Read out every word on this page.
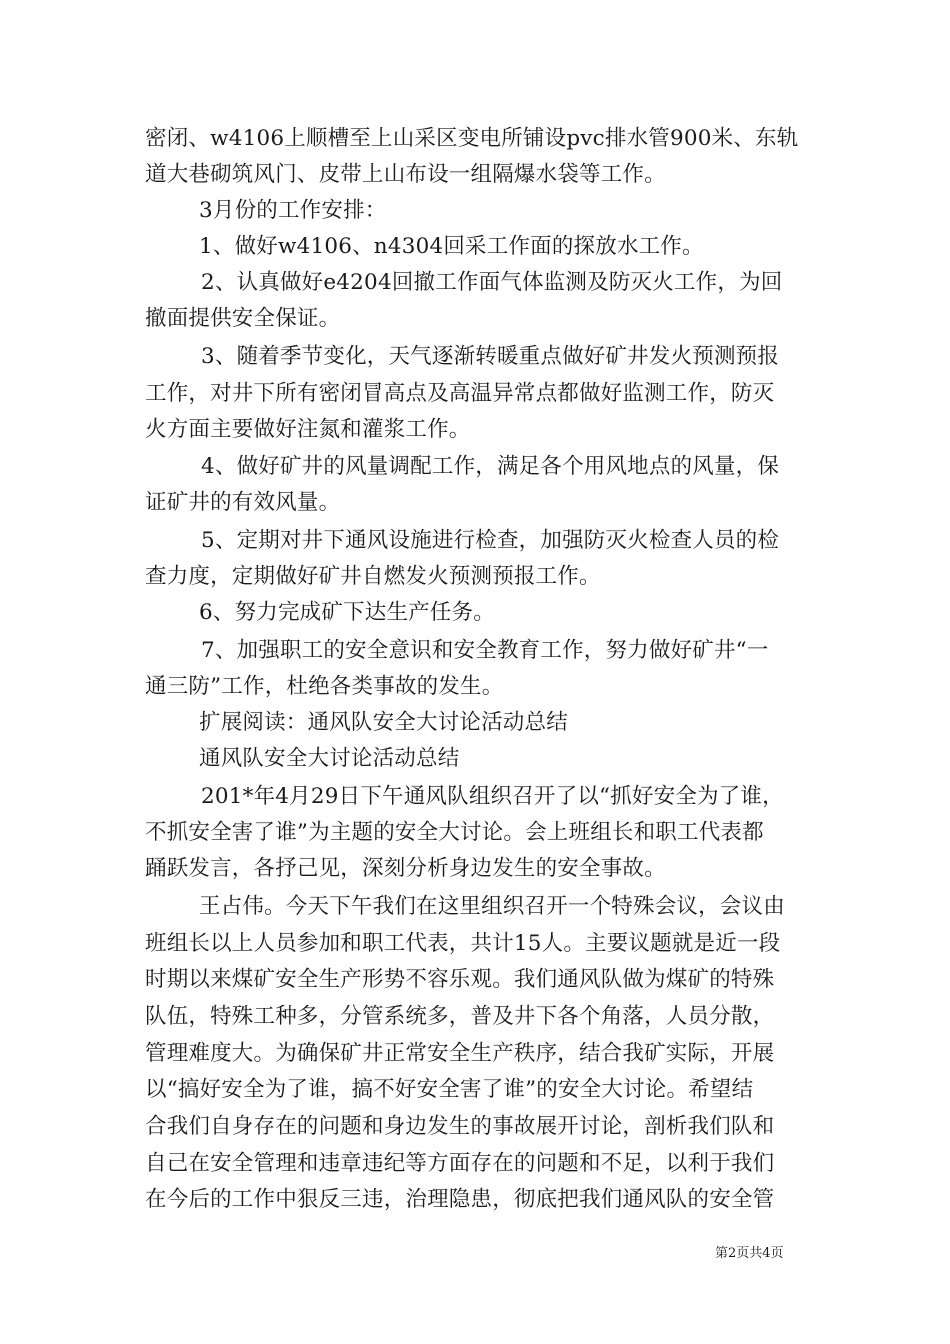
密闭、w4106上顺槽至上山采区变电所铺设pvc排水管900米、东轨
道大巷砌筑风门、皮带上山布设一组隔爆水袋等工作。
3月份的工作安排：
1、做好w4106、n4304回采工作面的探放水工作。
2、认真做好e4204回撤工作面气体监测及防灭火工作，为回
撤面提供安全保证。
3、随着季节变化，天气逐渐转暖重点做好矿井发火预测预报
工作，对井下所有密闭冒高点及高温异常点都做好监测工作，防灭
火方面主要做好注氮和灌浆工作。
4、做好矿井的风量调配工作，满足各个用风地点的风量，保
证矿井的有效风量。
5、定期对井下通风设施进行检查，加强防灭火检查人员的检
查力度，定期做好矿井自燃发火预测预报工作。
6、努力完成矿下达生产任务。
7、加强职工的安全意识和安全教育工作，努力做好矿井“一
通三防”工作，杜绝各类事故的发生。
扩展阅读：通风队安全大讨论活动总结
通风队安全大讨论活动总结
201*年4月29日下午通风队组织召开了以“抓好安全为了谁，
不抓安全害了谁”为主题的安全大讨论。会上班组长和职工代表都
踊跃发言，各抒己见，深刻分析身边发生的安全事故。
王占伟。今天下午我们在这里组织召开一个特殊会议，会议由
班组长以上人员参加和职工代表，共计15人。主要议题就是近一段
时期以来煤矿安全生产形势不容乐观。我们通风队做为煤矿的特殊
队伍，特殊工种多，分管系统多，普及井下各个角落，人员分散，
管理难度大。为确保矿井正常安全生产秩序，结合我矿实际，开展
以“搞好安全为了谁，搞不好安全害了谁”的安全大讨论。希望结
合我们自身存在的问题和身边发生的事故展开讨论，剖析我们队和
自己在安全管理和违章违纪等方面存在的问题和不足，以利于我们
在今后的工作中狠反三违，治理隐患，彻底把我们通风队的安全管
第2页共4页
